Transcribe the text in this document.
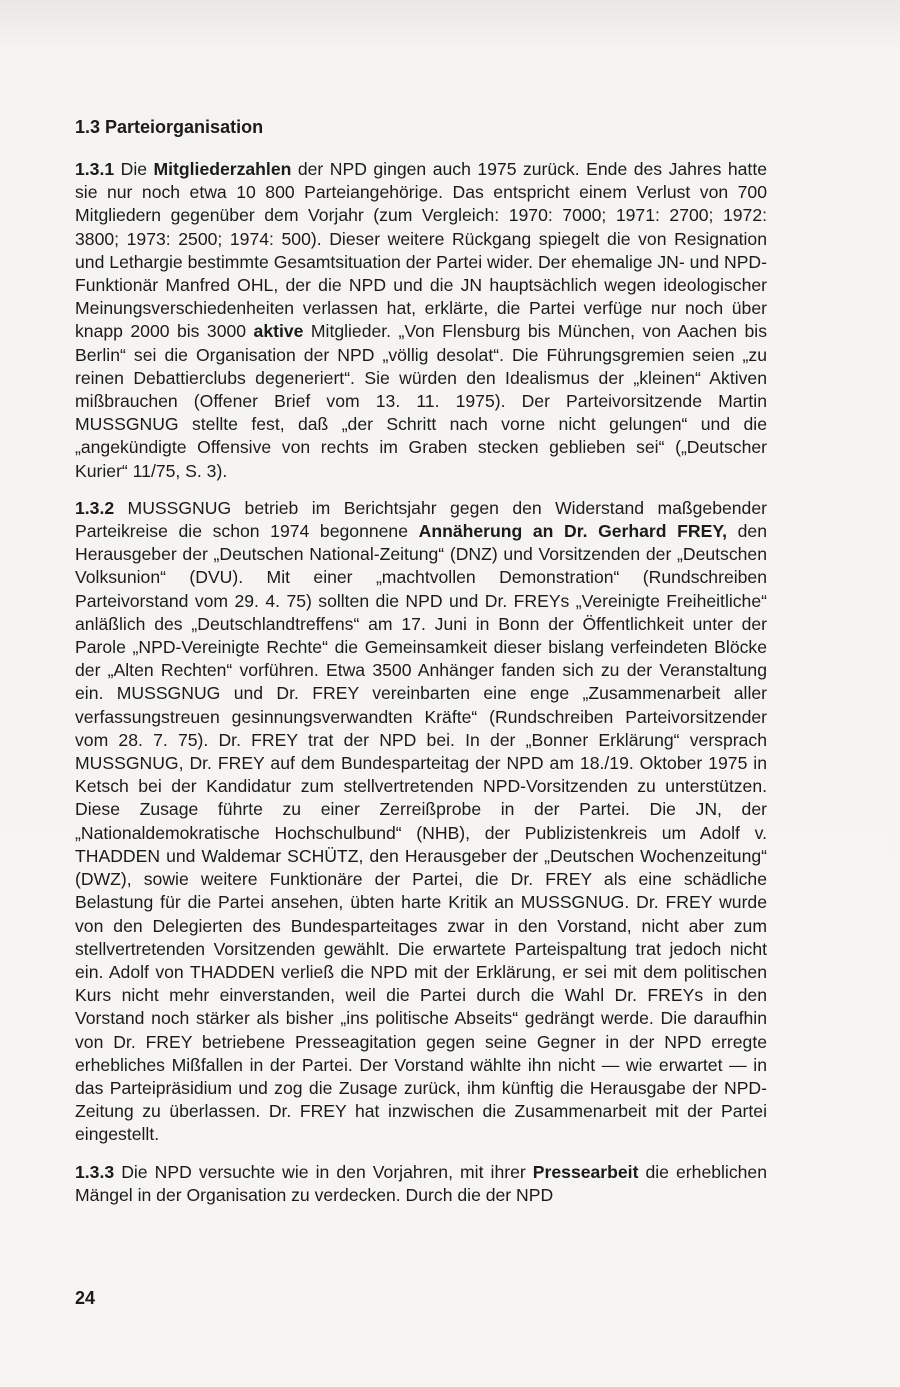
1.3 Parteiorganisation

1.3.1 Die Mitgliederzahlen der NPD gingen auch 1975 zurück. Ende des Jahres hatte sie nur noch etwa 10 800 Parteiangehörige. Das entspricht einem Verlust von 700 Mitgliedern gegenüber dem Vorjahr (zum Vergleich: 1970: 7000; 1971: 2700; 1972: 3800; 1973: 2500; 1974: 500). Dieser weitere Rückgang spiegelt die von Resignation und Lethargie bestimmte Gesamtsituation der Partei wider. Der ehemalige JN- und NPD-Funktionär Manfred OHL, der die NPD und die JN hauptsächlich wegen ideologischer Meinungsverschiedenheiten verlassen hat, erklärte, die Partei verfüge nur noch über knapp 2000 bis 3000 aktive Mitglieder. „Von Flensburg bis München, von Aachen bis Berlin“ sei die Organisation der NPD „völlig desolat“. Die Führungsgremien seien „zu reinen Debattierclubs degeneriert“. Sie würden den Idealismus der „kleinen“ Aktiven mißbrauchen (Offener Brief vom 13. 11. 1975). Der Parteivorsitzende Martin MUSSGNUG stellte fest, daß „der Schritt nach vorne nicht gelungen“ und die „angekündigte Offensive von rechts im Graben stecken geblieben sei“ („Deutscher Kurier“ 11/75, S. 3).

1.3.2 MUSSGNUG betrieb im Berichtsjahr gegen den Widerstand maßgebender Parteikreise die schon 1974 begonnene Annäherung an Dr. Gerhard FREY, den Herausgeber der „Deutschen National-Zeitung“ (DNZ) und Vorsitzenden der „Deutschen Volksunion“ (DVU). Mit einer „machtvollen Demonstration“ (Rundschreiben Parteivorstand vom 29. 4. 75) sollten die NPD und Dr. FREYs „Vereinigte Freiheitliche“ anläßlich des „Deutschlandtreffens“ am 17. Juni in Bonn der Öffentlichkeit unter der Parole „NPD-Vereinigte Rechte“ die Gemeinsamkeit dieser bislang verfeindeten Blöcke der „Alten Rechten“ vorführen. Etwa 3500 Anhänger fanden sich zu der Veranstaltung ein. MUSSGNUG und Dr. FREY vereinbarten eine enge „Zusammenarbeit aller verfassungstreuen gesinnungsverwandten Kräfte“ (Rundschreiben Parteivorsitzender vom 28. 7. 75). Dr. FREY trat der NPD bei. In der „Bonner Erklärung“ versprach MUSSGNUG, Dr. FREY auf dem Bundesparteitag der NPD am 18./19. Oktober 1975 in Ketsch bei der Kandidatur zum stellvertretenden NPD-Vorsitzenden zu unterstützen. Diese Zusage führte zu einer Zerreißprobe in der Partei. Die JN, der „Nationaldemokratische Hochschulbund“ (NHB), der Publizistenkreis um Adolf v. THADDEN und Waldemar SCHÜTZ, den Herausgeber der „Deutschen Wochenzeitung“ (DWZ), sowie weitere Funktionäre der Partei, die Dr. FREY als eine schädliche Belastung für die Partei ansehen, übten harte Kritik an MUSSGNUG. Dr. FREY wurde von den Delegierten des Bundesparteitages zwar in den Vorstand, nicht aber zum stellvertretenden Vorsitzenden gewählt. Die erwartete Parteispaltung trat jedoch nicht ein. Adolf von THADDEN verließ die NPD mit der Erklärung, er sei mit dem politischen Kurs nicht mehr einverstanden, weil die Partei durch die Wahl Dr. FREYs in den Vorstand noch stärker als bisher „ins politische Abseits“ gedrängt werde. Die daraufhin von Dr. FREY betriebene Presseagitation gegen seine Gegner in der NPD erregte erhebliches Mißfallen in der Partei. Der Vorstand wählte ihn nicht — wie erwartet — in das Parteipräsidium und zog die Zusage zurück, ihm künftig die Herausgabe der NPD-Zeitung zu überlassen. Dr. FREY hat inzwischen die Zusammenarbeit mit der Partei eingestellt.

1.3.3 Die NPD versuchte wie in den Vorjahren, mit ihrer Pressearbeit die erheblichen Mängel in der Organisation zu verdecken. Durch die der NPD

24
